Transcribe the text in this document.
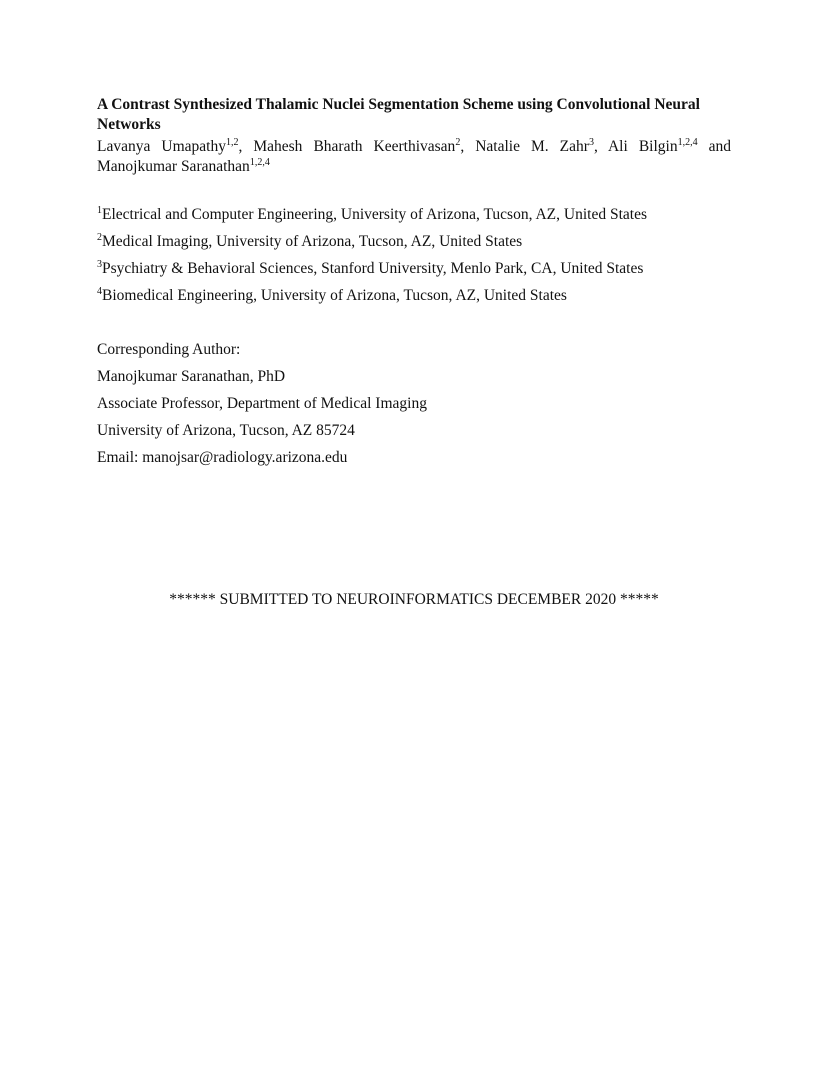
A Contrast Synthesized Thalamic Nuclei Segmentation Scheme using Convolutional Neural Networks

Lavanya Umapathy$^{1,2}$, Mahesh Bharath Keerthivasan$^2$, Natalie M. Zahr$^3$, Ali Bilgin$^{1,2,4}$ and Manojkumar Saranathan$^{1,2,4}$

$^1$Electrical and Computer Engineering, University of Arizona, Tucson, AZ, United States

$^2$Medical Imaging, University of Arizona, Tucson, AZ, United States

$^3$Psychiatry & Behavioral Sciences, Stanford University, Menlo Park, CA, United States

$^4$Biomedical Engineering, University of Arizona, Tucson, AZ, United States

Corresponding Author:

Manojkumar Saranathan, PhD

Associate Professor, Department of Medical Imaging

University of Arizona, Tucson, AZ 85724

Email: manojsar@radiology.arizona.edu

****** SUBMITTED TO NEUROINFORMATICS DECEMBER 2020 *****
